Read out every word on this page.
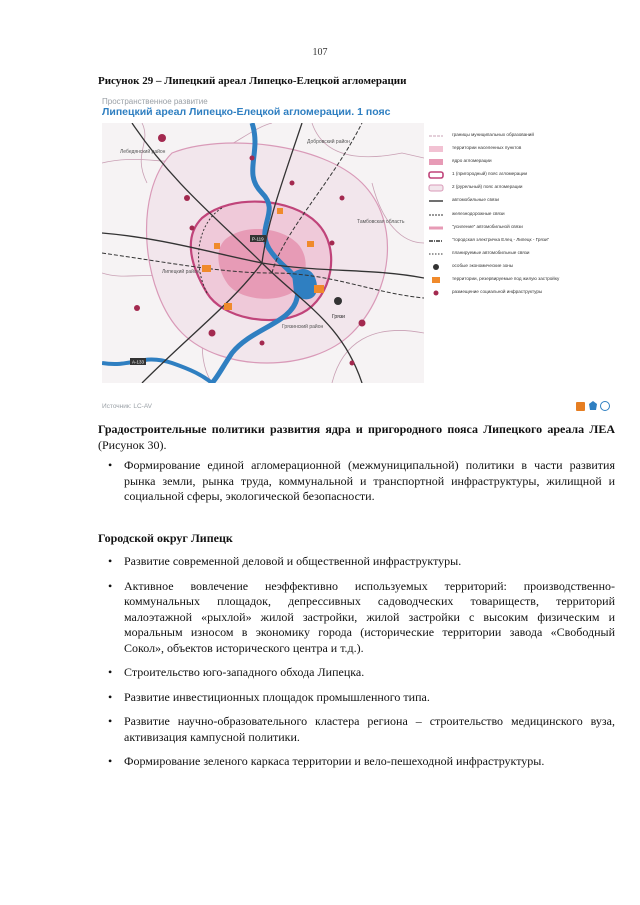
107
Рисунок 29 – Липецкий ареал Липецко-Елецкой агломерации
Пространственное развитие
Липецкий ареал Липецко-Елецкой агломерации. 1 пояс
Добровский район
Тамбовская область
Лебедянский район
Грязи
Грязинский район
Липецкий район
Р-119
А-133
границы муниципальных образований
территории населенных пунктов
ядро агломерации
1 (пригородный) пояс агломерации
2 (рурельный) пояс агломерации
автомобильные связи
железнодорожные связи
"усиление" автомобильной связи
"городская электричка Елец - Липецк - Грязи"
планируемые автомобильные связи
особые экономические зоны
территории, резервируемые под жилую застройку
размещение социальной инфраструктуры
Источник: LC-AV
Градостроительные политики развития ядра и пригородного пояса Липецкого ареала ЛЕА (Рисунок 30).
• Формирование единой агломерационной (межмуниципальной) политики в части развития рынка земли, рынка труда, коммунальной и транспортной инфраструктуры, жилищной и социальной сферы, экологической безопасности.
Городской округ Липецк
• Развитие современной деловой и общественной инфраструктуры.
• Активное вовлечение неэффективно используемых территорий: производственно-коммунальных площадок, депрессивных садоводческих товариществ, территорий малоэтажной «рыхлой» жилой застройки, жилой застройки с высоким физическим и моральным износом в экономику города (исторические территории завода «Свободный Сокол», объектов исторического центра и т.д.).
• Строительство юго-западного обхода Липецка.
• Развитие инвестиционных площадок промышленного типа.
• Развитие научно-образовательного кластера региона – строительство медицинского вуза, активизация кампусной политики.
• Формирование зеленого каркаса территории и вело-пешеходной инфраструктуры.
